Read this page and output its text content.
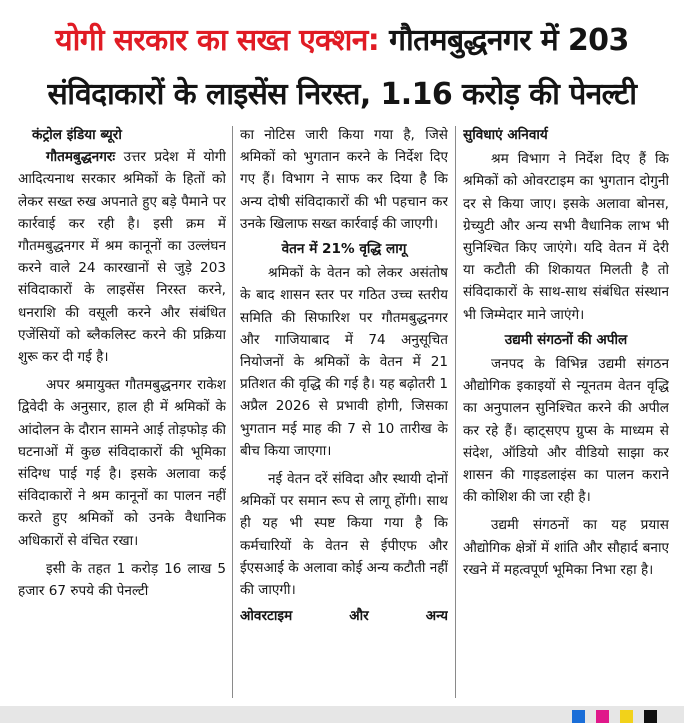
योगी सरकार का सख्त एक्शन: गौतमबुद्धनगर में 203
संविदाकारों के लाइसेंस निरस्त, 1.16 करोड़ की पेनल्टी
कंट्रोल इंडिया ब्यूरो

गौतमबुद्धनगरः उत्तर प्रदेश में योगी आदित्यनाथ सरकार श्रमिकों के हितों को लेकर सख्त रुख अपनाते हुए बड़े पैमाने पर कार्रवाई कर रही है। इसी क्रम में गौतमबुद्धनगर में श्रम कानूनों का उल्लंघन करने वाले 24 कारखानों से जुड़े 203 संविदाकारों के लाइसेंस निरस्त करने, धनराशि की वसूली करने और संबंधित एजेंसियों को ब्लैकलिस्ट करने की प्रक्रिया शुरू कर दी गई है।

अपर श्रमायुक्त गौतमबुद्धनगर राकेश द्विवेदी के अनुसार, हाल ही में श्रमिकों के आंदोलन के दौरान सामने आई तोड़फोड़ की घटनाओं में कुछ संविदाकारों की भूमिका संदिग्ध पाई गई है। इसके अलावा कई संविदाकारों ने श्रम कानूनों का पालन नहीं करते हुए श्रमिकों को उनके वैधानिक अधिकारों से वंचित रखा।

इसी के तहत 1 करोड़ 16 लाख 5 हजार 67 रुपये की पेनल्टी

का नोटिस जारी किया गया है, जिसे श्रमिकों को भुगतान करने के निर्देश दिए गए हैं। विभाग ने साफ कर दिया है कि अन्य दोषी संविदाकारों की भी पहचान कर उनके खिलाफ सख्त कार्रवाई की जाएगी।

वेतन में 21% वृद्धि लागू

श्रमिकों के वेतन को लेकर असंतोष के बाद शासन स्तर पर गठित उच्च स्तरीय समिति की सिफारिश पर गौतमबुद्धनगर और गाजियाबाद में 74 अनुसूचित नियोजनों के श्रमिकों के वेतन में 21 प्रतिशत की वृद्धि की गई है। यह बढ़ोतरी 1 अप्रैल 2026 से प्रभावी होगी, जिसका भुगतान मई माह की 7 से 10 तारीख के बीच किया जाएगा।

नई वेतन दरें संविदा और स्थायी दोनों श्रमिकों पर समान रूप से लागू होंगी। साथ ही यह भी स्पष्ट किया गया है कि कर्मचारियों के वेतन से ईपीएफ और ईएसआई के अलावा कोई अन्य कटौती नहीं की जाएगी।

ओवरटाइम और अन्य
सुविधाएं अनिवार्य

श्रम विभाग ने निर्देश दिए हैं कि श्रमिकों को ओवरटाइम का भुगतान दोगुनी दर से किया जाए। इसके अलावा बोनस, ग्रेच्युटी और अन्य सभी वैधानिक लाभ भी सुनिश्चित किए जाएंगे। यदि वेतन में देरी या कटौती की शिकायत मिलती है तो संविदाकारों के साथ-साथ संबंधित संस्थान भी जिम्मेदार माने जाएंगे।

उद्यमी संगठनों की अपील

जनपद के विभिन्न उद्यमी संगठन औद्योगिक इकाइयों से न्यूनतम वेतन वृद्धि का अनुपालन सुनिश्चित करने की अपील कर रहे हैं। व्हाट्सएप ग्रुप्स के माध्यम से संदेश, ऑडियो और वीडियो साझा कर शासन की गाइडलाइंस का पालन कराने की कोशिश की जा रही है।

उद्यमी संगठनों का यह प्रयास औद्योगिक क्षेत्रों में शांति और सौहार्द बनाए रखने में महत्वपूर्ण भूमिका निभा रहा है।
